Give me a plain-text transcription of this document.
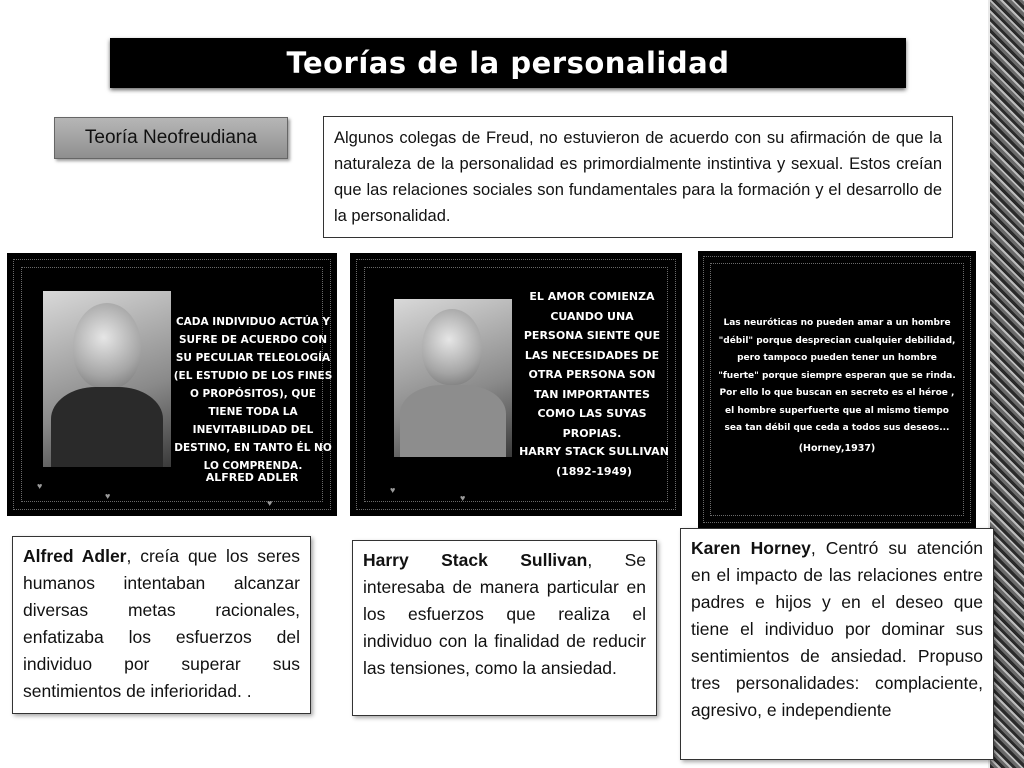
Teorías de la personalidad
Teoría Neofreudiana	Algunos colegas de Freud, no estuvieron de acuerdo con su afirmación de que la naturaleza de la personalidad es primordialmente instintiva y sexual. Estos creían que las relaciones sociales son fundamentales para la formación y el desarrollo de la personalidad.
CADA INDIVIDUO ACTÚA Y SUFRE DE ACUERDO CON SU PECULIAR TELEOLOGÍA (EL ESTUDIO DE LOS FINES O PROPÓSITOS), QUE TIENE TODA LA INEVITABILIDAD DEL DESTINO, EN TANTO ÉL NO LO COMPRENDA.
ALFRED ADLER
♥
♥
♥
EL AMOR COMIENZA CUANDO UNA PERSONA SIENTE QUE LAS NECESIDADES DE OTRA PERSONA SON TAN IMPORTANTES COMO LAS SUYAS PROPIAS.
HARRY STACK SULLIVAN
(1892-1949)
♥
♥
Las neuróticas no pueden amar a un hombre "débil" porque desprecian cualquier debilidad, pero tampoco pueden tener un hombre "fuerte" porque siempre esperan que se rinda. Por ello lo que buscan en secreto es el héroe , el hombre superfuerte que al mismo tiempo sea tan débil que ceda a todos sus deseos...
(Horney,1937)
Alfred Adler, creía que los seres humanos intentaban alcanzar diversas metas racionales, enfatizaba los esfuerzos del individuo por superar sus sentimientos de inferioridad. .
Harry Stack Sullivan, Se interesaba de manera particular en los esfuerzos que realiza el individuo con la finalidad de reducir las tensiones, como la ansiedad.
Karen Horney, Centró su atención en el impacto de las relaciones entre padres e hijos y en el deseo que tiene el individuo por dominar sus sentimientos de ansiedad. Propuso tres personalidades: complaciente, agresivo, e independiente
